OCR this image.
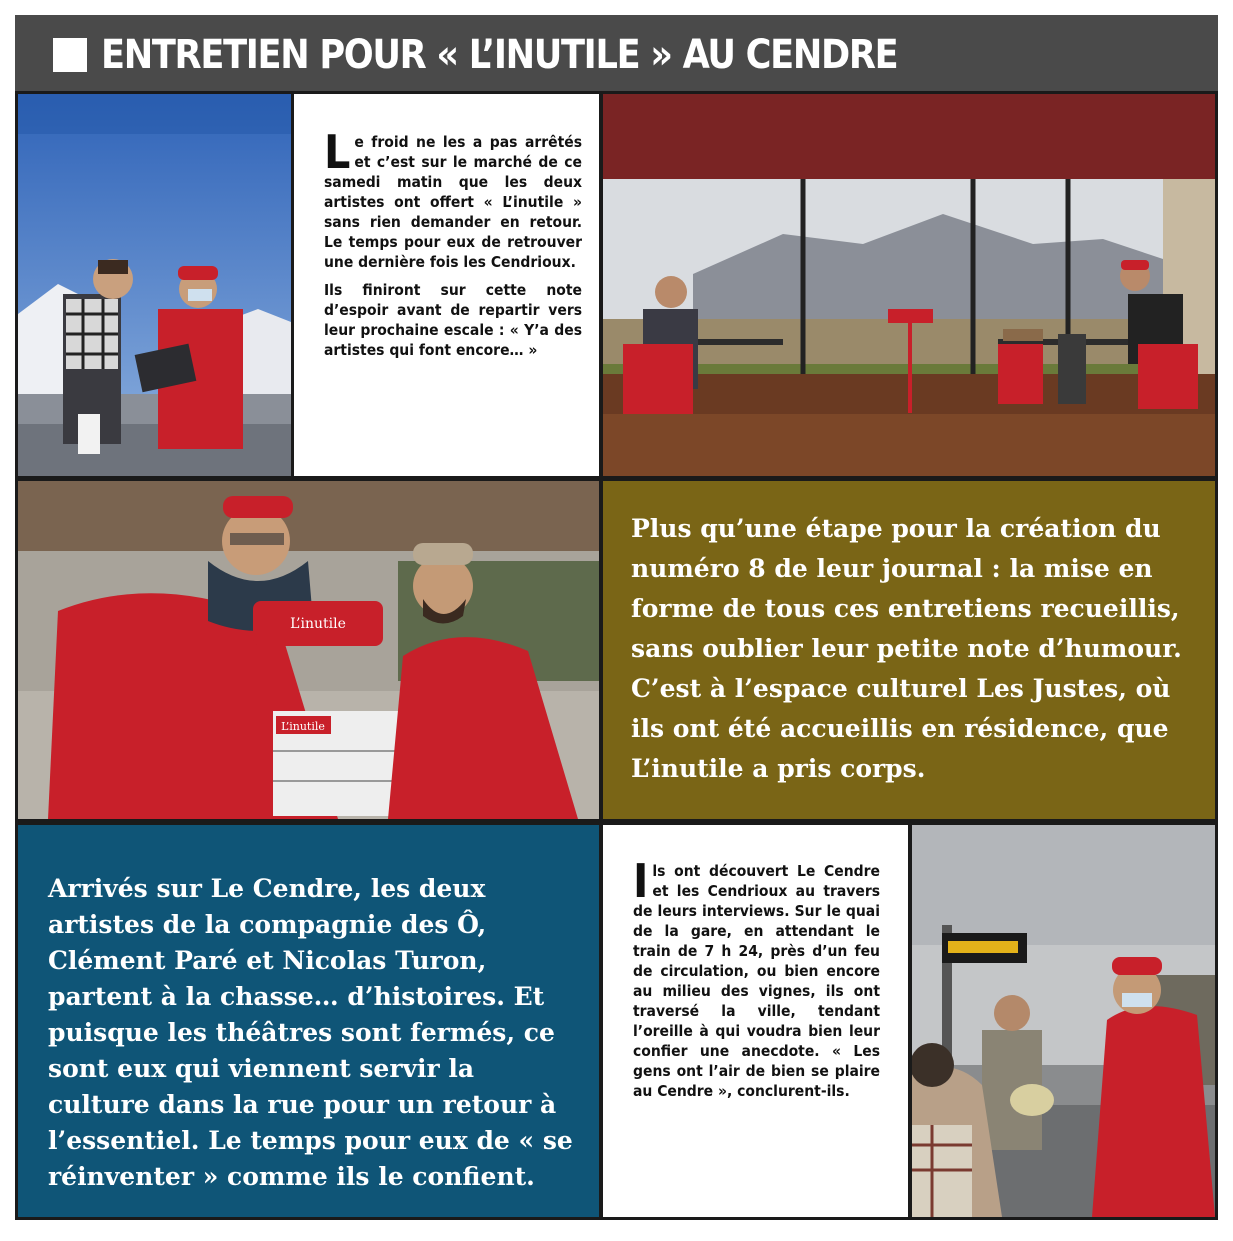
ENTRETIEN POUR « L’INUTILE » AU CENDRE

Le froid ne les a pas arrêtés et c’est sur le marché de ce samedi matin que les deux artistes ont offert « L’inutile » sans rien demander en retour. Le temps pour eux de retrouver une dernière fois les Cendrioux.

Ils finiront sur cette note d’espoir avant de repartir vers leur prochaine escale : « Y’a des artistes qui font encore… »

L’inutile
L’inutile
Plus qu’une étape pour la création du numéro 8 de leur journal : la mise en forme de tous ces entretiens recueillis, sans oublier leur petite note d’humour. C’est à l’espace culturel Les Justes, où ils ont été accueillis en résidence, que L’inutile a pris corps.
Arrivés sur Le Cendre, les deux artistes de la compagnie des Ô, Clément Paré et Nicolas Turon, partent à la chasse… d’histoires. Et puisque les théâtres sont fermés, ce sont eux qui viennent servir la culture dans la rue pour un retour à l’essentiel. Le temps pour eux de « se réinventer » comme ils le confient.

Ils ont découvert Le Cendre et les Cendrioux au travers de leurs interviews. Sur le quai de la gare, en attendant le train de 7 h 24, près d’un feu de circulation, ou bien encore au milieu des vignes, ils ont traversé la ville, tendant l’oreille à qui voudra bien leur confier une anecdote. « Les gens ont l’air de bien se plaire au Cendre », conclurent-ils.
